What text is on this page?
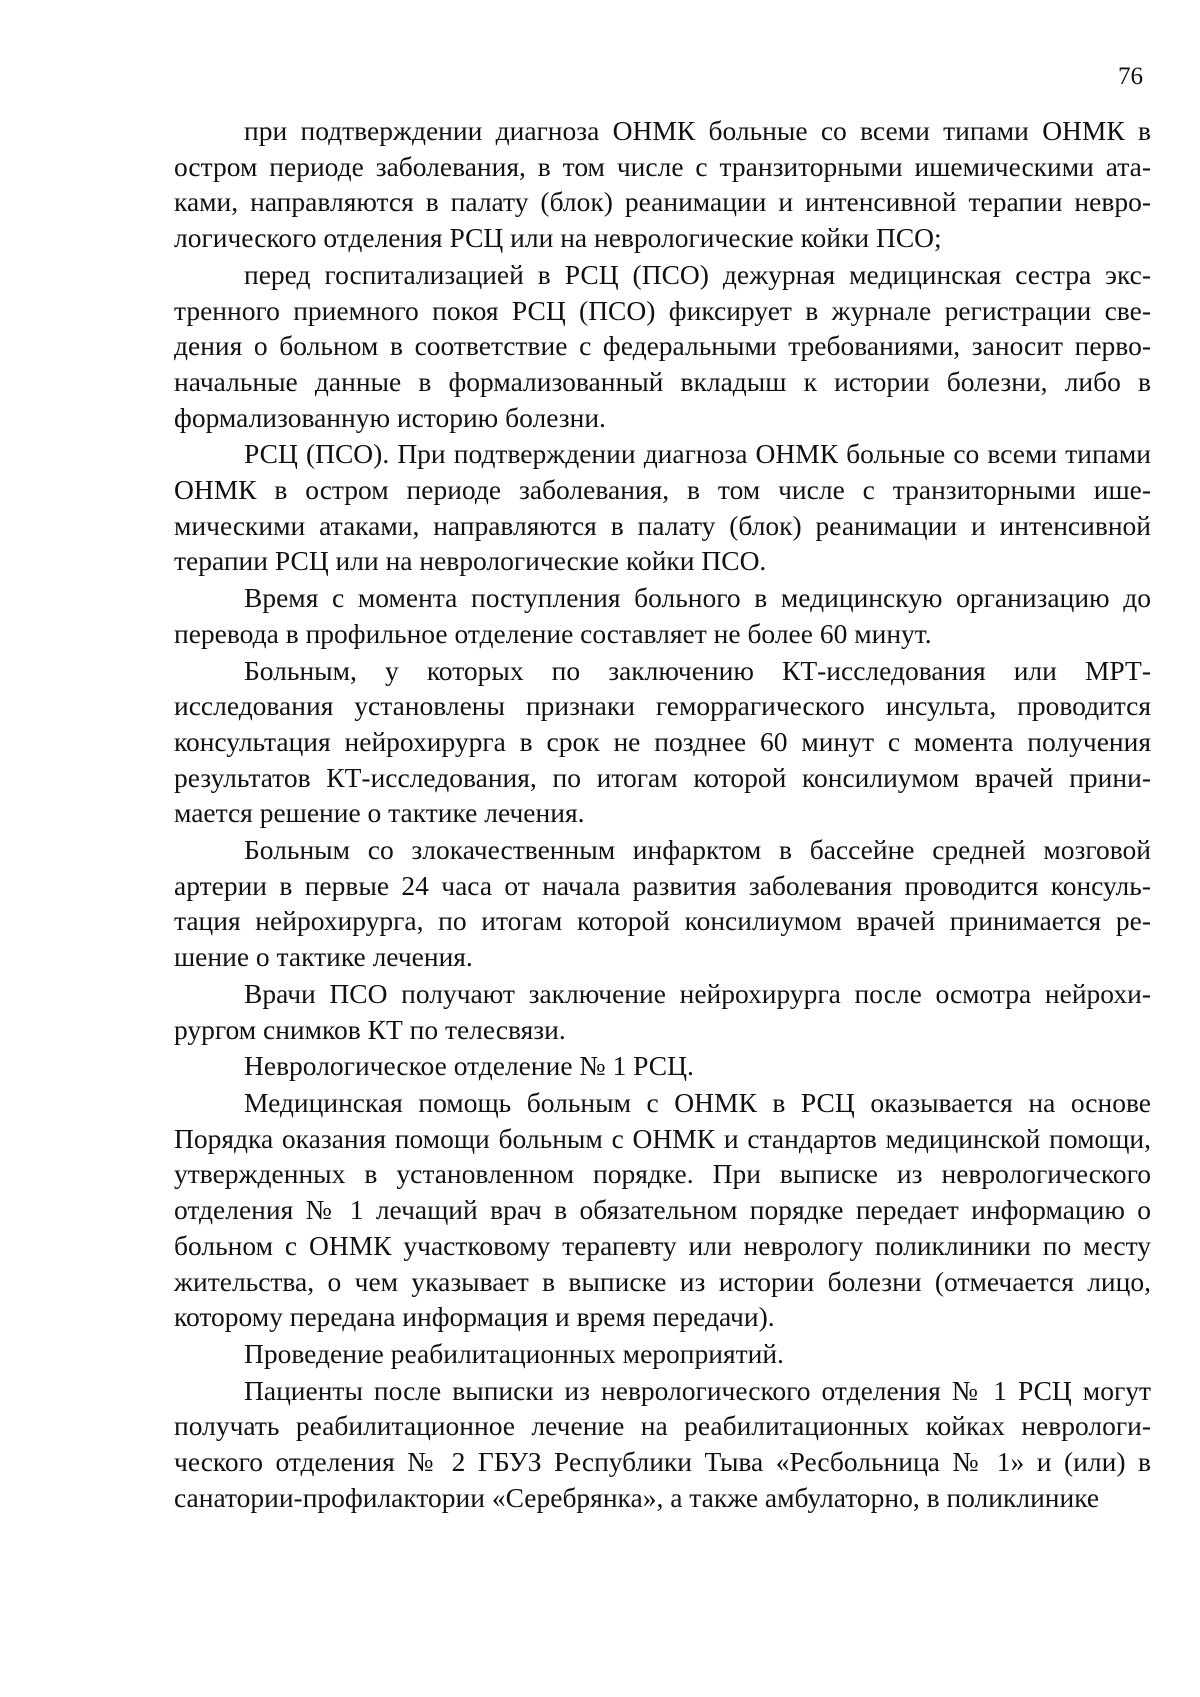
76

при подтверждении диагноза ОНМК больные со всеми типами ОНМК в остром периоде заболевания, в том числе с транзиторными ишемическими атаками, направляются в палату (блок) реанимации и интенсивной терапии неврологического отделения РСЦ или на неврологические койки ПСО;

перед госпитализацией в РСЦ (ПСО) дежурная медицинская сестра экстренного приемного покоя РСЦ (ПСО) фиксирует в журнале регистрации сведения о больном в соответствие с федеральными требованиями, заносит первоначальные данные в формализованный вкладыш к истории болезни, либо в формализованную историю болезни.

РСЦ (ПСО). При подтверждении диагноза ОНМК больные со всеми типами ОНМК в остром периоде заболевания, в том числе с транзиторными ишемическими атаками, направляются в палату (блок) реанимации и интенсивной терапии РСЦ или на неврологические койки ПСО.

Время с момента поступления больного в медицинскую организацию до перевода в профильное отделение составляет не более 60 минут.

Больным, у которых по заключению КТ-исследования или МРТ-исследования установлены признаки геморрагического инсульта, проводится консультация нейрохирурга в срок не позднее 60 минут с момента получения результатов КТ-исследования, по итогам которой консилиумом врачей принимается решение о тактике лечения.

Больным со злокачественным инфарктом в бассейне средней мозговой артерии в первые 24 часа от начала развития заболевания проводится консультация нейрохирурга, по итогам которой консилиумом врачей принимается решение о тактике лечения.

Врачи ПСО получают заключение нейрохирурга после осмотра нейрохирургом снимков КТ по телесвязи.

Неврологическое отделение № 1 РСЦ.

Медицинская помощь больным с ОНМК в РСЦ оказывается на основе Порядка оказания помощи больным с ОНМК и стандартов медицинской помощи, утвержденных в установленном порядке. При выписке из неврологического отделения № 1 лечащий врач в обязательном порядке передает информацию о больном с ОНМК участковому терапевту или неврологу поликлиники по месту жительства, о чем указывает в выписке из истории болезни (отмечается лицо, которому передана информация и время передачи).

Проведение реабилитационных мероприятий.

Пациенты после выписки из неврологического отделения № 1 РСЦ могут получать реабилитационное лечение на реабилитационных койках неврологического отделения № 2 ГБУЗ Республики Тыва «Ресбольница № 1» и (или) в санатории-профилактории «Серебрянка», а также амбулаторно, в поликлинике
